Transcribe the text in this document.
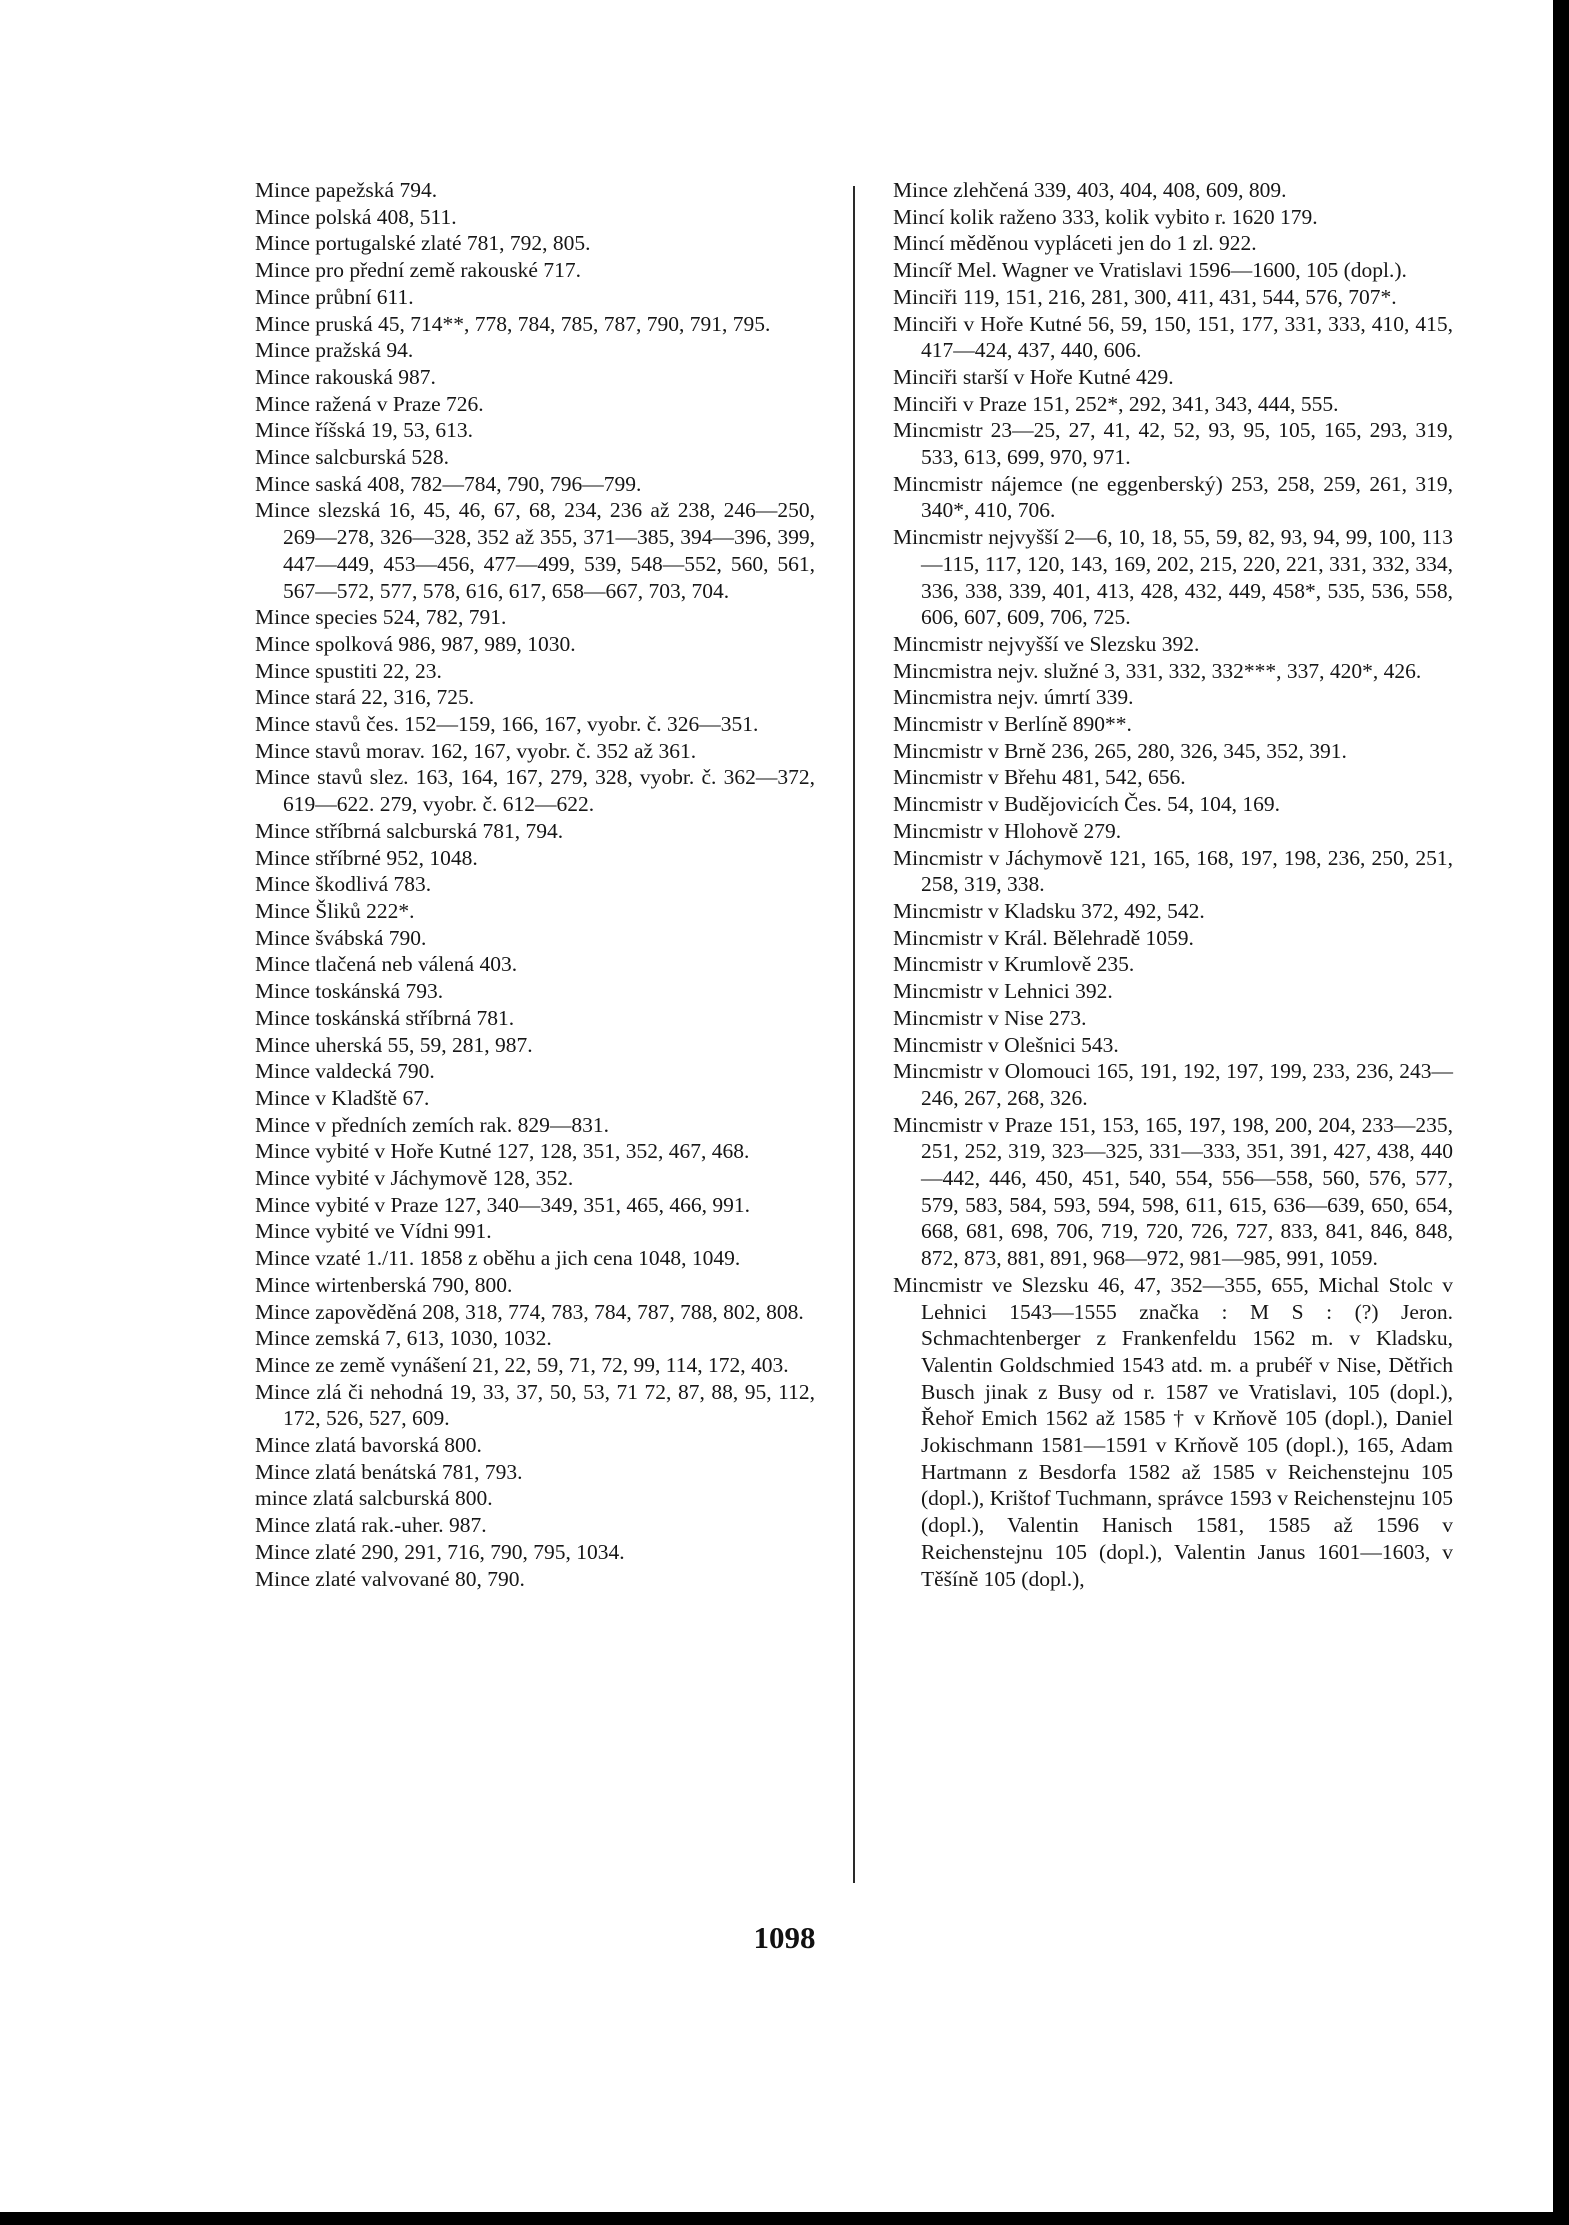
Mince papežská 794.

Mince polská 408, 511.

Mince portugalské zlaté 781, 792, 805.

Mince pro přední země rakouské 717.

Mince průbní 611.

Mince pruská 45, 714**, 778, 784, 785, 787, 790, 791, 795.

Mince pražská 94.

Mince rakouská 987.

Mince ražená v Praze 726.

Mince říšská 19, 53, 613.

Mince salcburská 528.

Mince saská 408, 782—784, 790, 796—799.

Mince slezská 16, 45, 46, 67, 68, 234, 236 až 238, 246—250, 269—278, 326—328, 352 až 355, 371—385, 394—396, 399, 447—449, 453—456, 477—499, 539, 548—552, 560, 561, 567—572, 577, 578, 616, 617, 658—667, 703, 704.

Mince species 524, 782, 791.

Mince spolková 986, 987, 989, 1030.

Mince spustiti 22, 23.

Mince stará 22, 316, 725.

Mince stavů čes. 152—159, 166, 167, vyobr. č. 326—351.

Mince stavů morav. 162, 167, vyobr. č. 352 až 361.

Mince stavů slez. 163, 164, 167, 279, 328, vyobr. č. 362—372, 619—622. 279, vyobr. č. 612—622.

Mince stříbrná salcburská 781, 794.

Mince stříbrné 952, 1048.

Mince škodlivá 783.

Mince Šliků 222*.

Mince švábská 790.

Mince tlačená neb válená 403.

Mince toskánská 793.

Mince toskánská stříbrná 781.

Mince uherská 55, 59, 281, 987.

Mince valdecká 790.

Mince v Kladště 67.

Mince v předních zemích rak. 829—831.

Mince vybité v Hoře Kutné 127, 128, 351, 352, 467, 468.

Mince vybité v Jáchymově 128, 352.

Mince vybité v Praze 127, 340—349, 351, 465, 466, 991.

Mince vybité ve Vídni 991.

Mince vzaté 1./11. 1858 z oběhu a jich cena 1048, 1049.

Mince wirtenberská 790, 800.

Mince zapověděná 208, 318, 774, 783, 784, 787, 788, 802, 808.

Mince zemská 7, 613, 1030, 1032.

Mince ze země vynášení 21, 22, 59, 71, 72, 99, 114, 172, 403.

Mince zlá či nehodná 19, 33, 37, 50, 53, 71 72, 87, 88, 95, 112, 172, 526, 527, 609.

Mince zlatá bavorská 800.

Mince zlatá benátská 781, 793.

mince zlatá salcburská 800.

Mince zlatá rak.-uher. 987.

Mince zlaté 290, 291, 716, 790, 795, 1034.

Mince zlaté valvované 80, 790.

Mince zlehčená 339, 403, 404, 408, 609, 809.

Mincí kolik raženo 333, kolik vybito r. 1620 179.

Mincí měděnou vypláceti jen do 1 zl. 922.

Mincíř Mel. Wagner ve Vratislavi 1596—1600, 105 (dopl.).

Minciři 119, 151, 216, 281, 300, 411, 431, 544, 576, 707*.

Minciři v Hoře Kutné 56, 59, 150, 151, 177, 331, 333, 410, 415, 417—424, 437, 440, 606.

Minciři starší v Hoře Kutné 429.

Minciři v Praze 151, 252*, 292, 341, 343, 444, 555.

Mincmistr 23—25, 27, 41, 42, 52, 93, 95, 105, 165, 293, 319, 533, 613, 699, 970, 971.

Mincmistr nájemce (ne eggenberský) 253, 258, 259, 261, 319, 340*, 410, 706.

Mincmistr nejvyšší 2—6, 10, 18, 55, 59, 82, 93, 94, 99, 100, 113—115, 117, 120, 143, 169, 202, 215, 220, 221, 331, 332, 334, 336, 338, 339, 401, 413, 428, 432, 449, 458*, 535, 536, 558, 606, 607, 609, 706, 725.

Mincmistr nejvyšší ve Slezsku 392.

Mincmistra nejv. služné 3, 331, 332, 332***, 337, 420*, 426.

Mincmistra nejv. úmrtí 339.

Mincmistr v Berlíně 890**.

Mincmistr v Brně 236, 265, 280, 326, 345, 352, 391.

Mincmistr v Břehu 481, 542, 656.

Mincmistr v Budějovicích Čes. 54, 104, 169.

Mincmistr v Hlohově 279.

Mincmistr v Jáchymově 121, 165, 168, 197, 198, 236, 250, 251, 258, 319, 338.

Mincmistr v Kladsku 372, 492, 542.

Mincmistr v Král. Bělehradě 1059.

Mincmistr v Krumlově 235.

Mincmistr v Lehnici 392.

Mincmistr v Nise 273.

Mincmistr v Olešnici 543.

Mincmistr v Olomouci 165, 191, 192, 197, 199, 233, 236, 243—246, 267, 268, 326.

Mincmistr v Praze 151, 153, 165, 197, 198, 200, 204, 233—235, 251, 252, 319, 323—325, 331—333, 351, 391, 427, 438, 440—442, 446, 450, 451, 540, 554, 556—558, 560, 576, 577, 579, 583, 584, 593, 594, 598, 611, 615, 636—639, 650, 654, 668, 681, 698, 706, 719, 720, 726, 727, 833, 841, 846, 848, 872, 873, 881, 891, 968—972, 981—985, 991, 1059.

Mincmistr ve Slezsku 46, 47, 352—355, 655, Michal Stolc v Lehnici 1543—1555 značka : M S : (?) Jeron. Schmachtenberger z Frankenfeldu 1562 m. v Kladsku, Valentin Goldschmied 1543 atd. m. a prubéř v Nise, Dětřich Busch jinak z Busy od r. 1587 ve Vratislavi, 105 (dopl.), Řehoř Emich 1562 až 1585 † v Krňově 105 (dopl.), Daniel Jokischmann 1581—1591 v Krňově 105 (dopl.), 165, Adam Hartmann z Besdorfa 1582 až 1585 v Reichenstejnu 105 (dopl.), Krištof Tuchmann, správce 1593 v Reichenstejnu 105 (dopl.), Valentin Hanisch 1581, 1585 až 1596 v Reichenstejnu 105 (dopl.), Valentin Janus 1601—1603, v Těšíně 105 (dopl.),

1098
